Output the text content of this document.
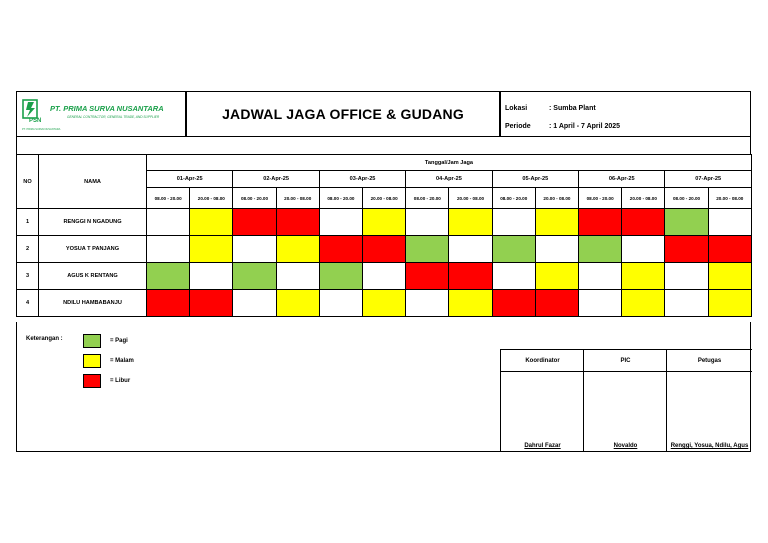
PT. PRIMA SURVA NUSANTARA
GENERAL CONTRACTOR, GENERAL TRADE, AND SUPPLIER
PSN
PT. PRIMA SURVA NUSANTARA
JADWAL JAGA OFFICE & GUDANG	Lokasi	: Sumba Plant
Periode	: 1 April - 7 April 2025
NO	NAMA	Tanggal/Jam Jaga													
		01-Apr-25		02-Apr-25		03-Apr-25		04-Apr-25		05-Apr-25		06-Apr-25		07-Apr-25	
		08.00 - 20.00	20.00 - 08.00	08.00 - 20.00	20.00 - 08.00	08.00 - 20.00	20.00 - 08.00	08.00 - 20.00	20.00 - 08.00	08.00 - 20.00	20.00 - 08.00	08.00 - 20.00	20.00 - 08.00	08.00 - 20.00	20.00 - 08.00
1	RENGGI N NGADUNG														
2	YOSUA T PANJANG														
3	AGUS K RENTANG														
4	NDILU HAMBABANJU														
Keterangan :	= Pagi
= Malam
= Libur
Koordinator
Dahrul Fazar
PIC
Novaldo
Petugas
Renggi, Yosua, Ndilu, Agus
